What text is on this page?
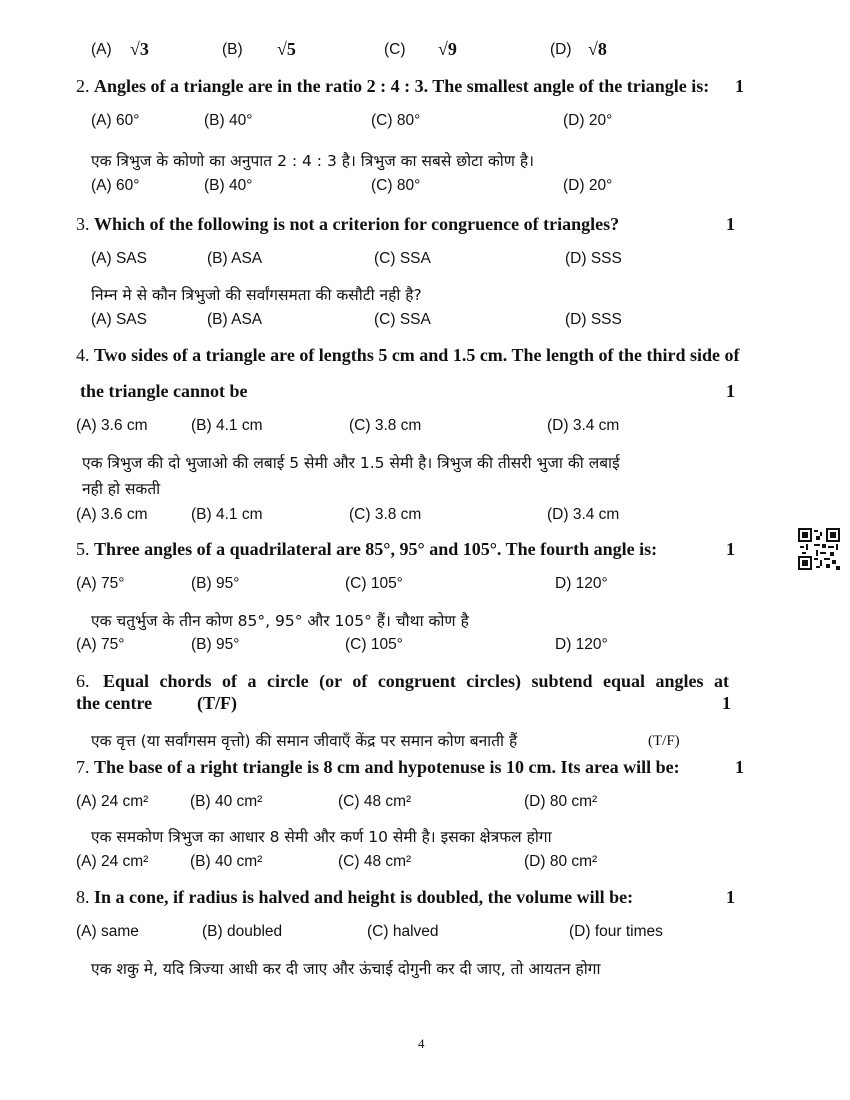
(A) √3	(B) √5	(C) √9	(D) √8
2. Angles of a triangle are in the ratio 2 : 4 : 3. The smallest angle of the triangle is: 1
(A) 60°	(B) 40°	(C) 80°	(D) 20°
एक त्रिभुज के कोणो का अनुपात 2 : 4 : 3 है। त्रिभुज का सबसे छोटा कोण है।
(A) 60°	(B) 40°	(C) 80°	(D) 20°
3. Which of the following is not a criterion for congruence of triangles?	1
(A) SAS	(B) ASA	(C) SSA	(D) SSS
निम्न मे से कौन त्रिभुजो की सर्वांगसमता की कसौटी नही है?
(A) SAS	(B) ASA	(C) SSA	(D) SSS
4. Two sides of a triangle are of lengths 5 cm and 1.5 cm. The length of the third side of
the triangle cannot be	1
(A) 3.6 cm	(B) 4.1 cm	(C) 3.8 cm	(D) 3.4 cm
एक त्रिभुज की दो भुजाओ की लबाई 5 सेमी और 1.5 सेमी है। त्रिभुज की तीसरी भुजा की लबाई
नही हो सकती
(A) 3.6 cm	(B) 4.1 cm	(C) 3.8 cm	(D) 3.4 cm
5. Three angles of a quadrilateral are 85°, 95° and 105°. The fourth angle is:	1
(A) 75°	(B) 95°	(C) 105°	D) 120°
एक चतुर्भुज के तीन कोण 85°, 95° और 105° हैं। चौथा कोण है
(A) 75°	(B) 95°	(C) 105°	D) 120°
6. Equal chords of a circle (or of congruent circles) subtend equal angles at
the centre (T/F)	1
एक वृत्त (या सर्वांगसम वृत्तो) की समान जीवाएँ केंद्र पर समान कोण बनाती हैं	(T/F)
7. The base of a right triangle is 8 cm and hypotenuse is 10 cm. Its area will be:	1
(A) 24 cm²	(B) 40 cm²	(C) 48 cm²	(D) 80 cm²
एक समकोण त्रिभुज का आधार 8 सेमी और कर्ण 10 सेमी है। इसका क्षेत्रफल होगा
(A) 24 cm²	(B) 40 cm²	(C) 48 cm²	(D) 80 cm²
8. In a cone, if radius is halved and height is doubled, the volume will be:	1
(A) same	(B) doubled	(C) halved	(D) four times
एक शकु मे, यदि त्रिज्या आधी कर दी जाए और ऊंचाई दोगुनी कर दी जाए, तो आयतन होगा
4
